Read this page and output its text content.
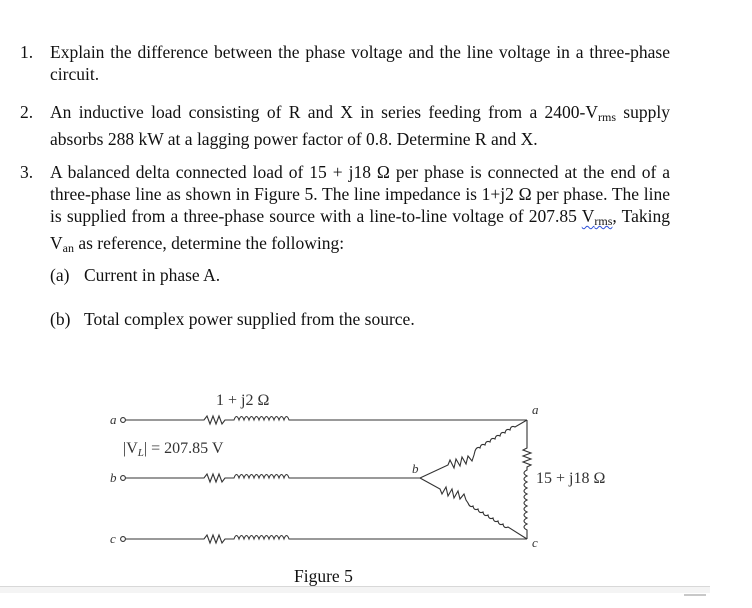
1. Explain the difference between the phase voltage and the line voltage in a three-phase circuit.
2. An inductive load consisting of R and X in series feeding from a 2400-Vrms supply absorbs 288 kW at a lagging power factor of 0.8. Determine R and X.
3. A balanced delta connected load of 15 + j18 Ω per phase is connected at the end of a three-phase line as shown in Figure 5. The line impedance is 1+j2 Ω per phase. The line is supplied from a three-phase source with a line-to-line voltage of 207.85 Vrms, Taking Van as reference, determine the following:
(a) Current in phase A.
(b) Total complex power supplied from the source.
a
b
c
1 + j2 Ω
|VL| = 207.85 V
a
b
c
15 + j18 Ω
Figure 5
